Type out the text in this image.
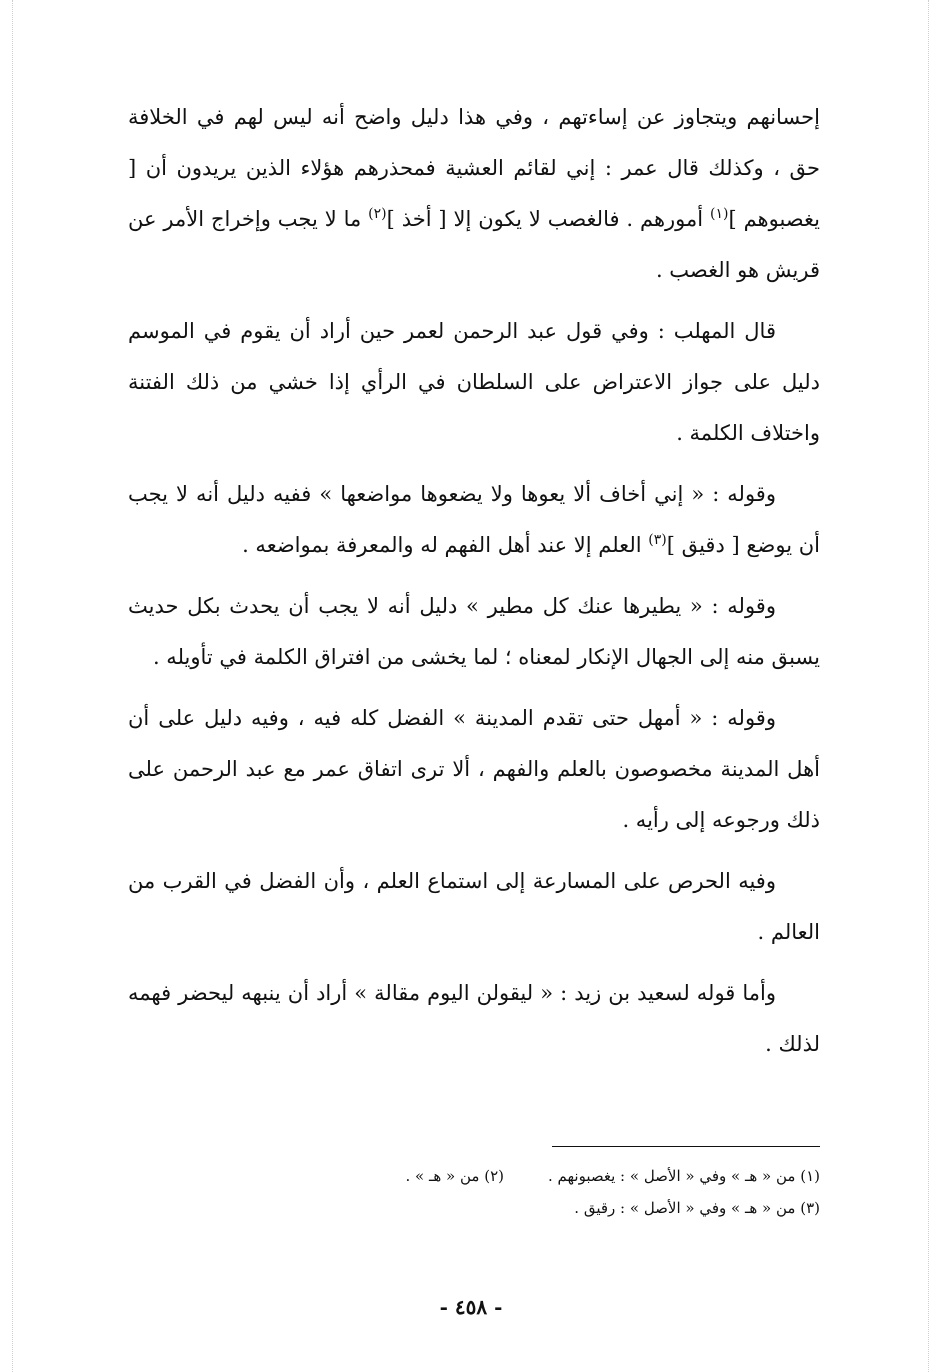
إحسانهم ويتجاوز عن إساءتهم ، وفي هذا دليل واضح أنه ليس لهم في الخلافة حق ، وكذلك قال عمر : إني لقائم العشية فمحذرهم هؤلاء الذين يريدون أن [ يغصبوهم ]$^{(١)}$ أمورهم . فالغصب لا يكون إلا [ أخذ ]$^{(٢)}$ ما لا يجب وإخراج الأمر عن قريش هو الغصب .

قال المهلب : وفي قول عبد الرحمن لعمر حين أراد أن يقوم في الموسم دليل على جواز الاعتراض على السلطان في الرأي إذا خشي من ذلك الفتنة واختلاف الكلمة .

وقوله : « إني أخاف ألا يعوها ولا يضعوها مواضعها » ففيه دليل أنه لا يجب أن يوضع [ دقيق ]$^{(٣)}$ العلم إلا عند أهل الفهم له والمعرفة بمواضعه .

وقوله : « يطيرها عنك كل مطير » دليل أنه لا يجب أن يحدث بكل حديث يسبق منه إلى الجهال الإنكار لمعناه ؛ لما يخشى من افتراق الكلمة في تأويله .

وقوله : « أمهل حتى تقدم المدينة » الفضل كله فيه ، وفيه دليل على أن أهل المدينة مخصوصون بالعلم والفهم ، ألا ترى اتفاق عمر مع عبد الرحمن على ذلك ورجوعه إلى رأيه .

وفيه الحرص على المسارعة إلى استماع العلم ، وأن الفضل في القرب من العالم .

وأما قوله لسعيد بن زيد : « ليقولن اليوم مقالة » أراد أن ينبهه ليحضر فهمه لذلك .

(١) من « هـ » وفي « الأصل » : يغصبونهم .(٢) من « هـ » .
(٣) من « هـ » وفي « الأصل » : رقيق .
- ٤٥٨ -
